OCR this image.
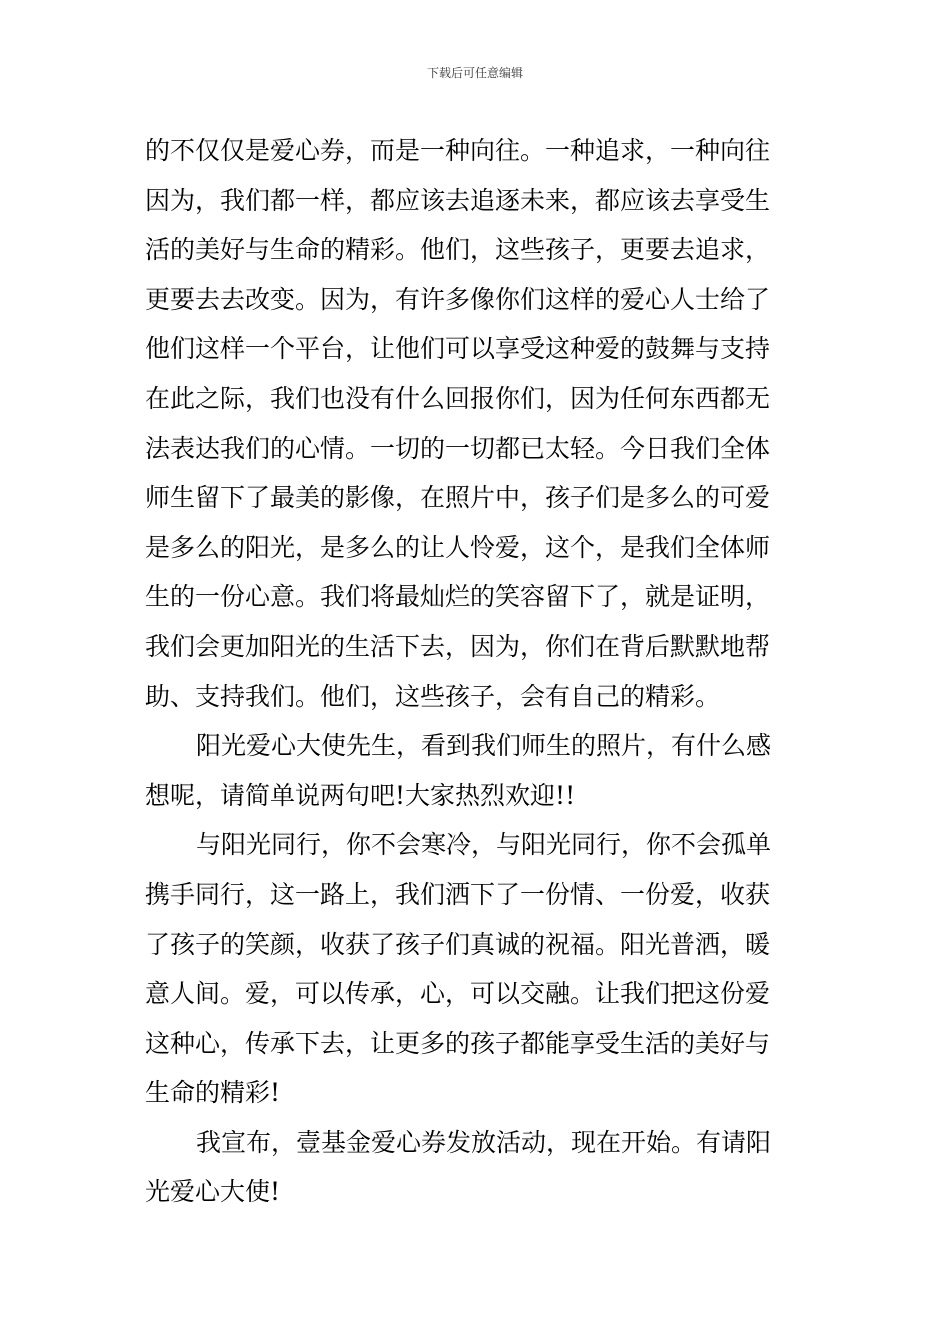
下载后可任意编辑
的不仅仅是爱心券，而是一种向往。一种追求，一种向往
因为，我们都一样，都应该去追逐未来，都应该去享受生
活的美好与生命的精彩。他们，这些孩子，更要去追求，
更要去去改变。因为，有许多像你们这样的爱心人士给了
他们这样一个平台，让他们可以享受这种爱的鼓舞与支持
在此之际，我们也没有什么回报你们，因为任何东西都无
法表达我们的心情。一切的一切都已太轻。今日我们全体
师生留下了最美的影像，在照片中，孩子们是多么的可爱
是多么的阳光，是多么的让人怜爱，这个，是我们全体师
生的一份心意。我们将最灿烂的笑容留下了，就是证明，
我们会更加阳光的生活下去，因为，你们在背后默默地帮
助、支持我们。他们，这些孩子，会有自己的精彩。
阳光爱心大使先生，看到我们师生的照片，有什么感
想呢，请简单说两句吧!大家热烈欢迎!!
与阳光同行，你不会寒冷，与阳光同行，你不会孤单
携手同行，这一路上，我们洒下了一份情、一份爱，收获
了孩子的笑颜，收获了孩子们真诚的祝福。阳光普洒，暖
意人间。爱，可以传承，心，可以交融。让我们把这份爱
这种心，传承下去，让更多的孩子都能享受生活的美好与
生命的精彩!
我宣布，壹基金爱心券发放活动，现在开始。有请阳
光爱心大使!
